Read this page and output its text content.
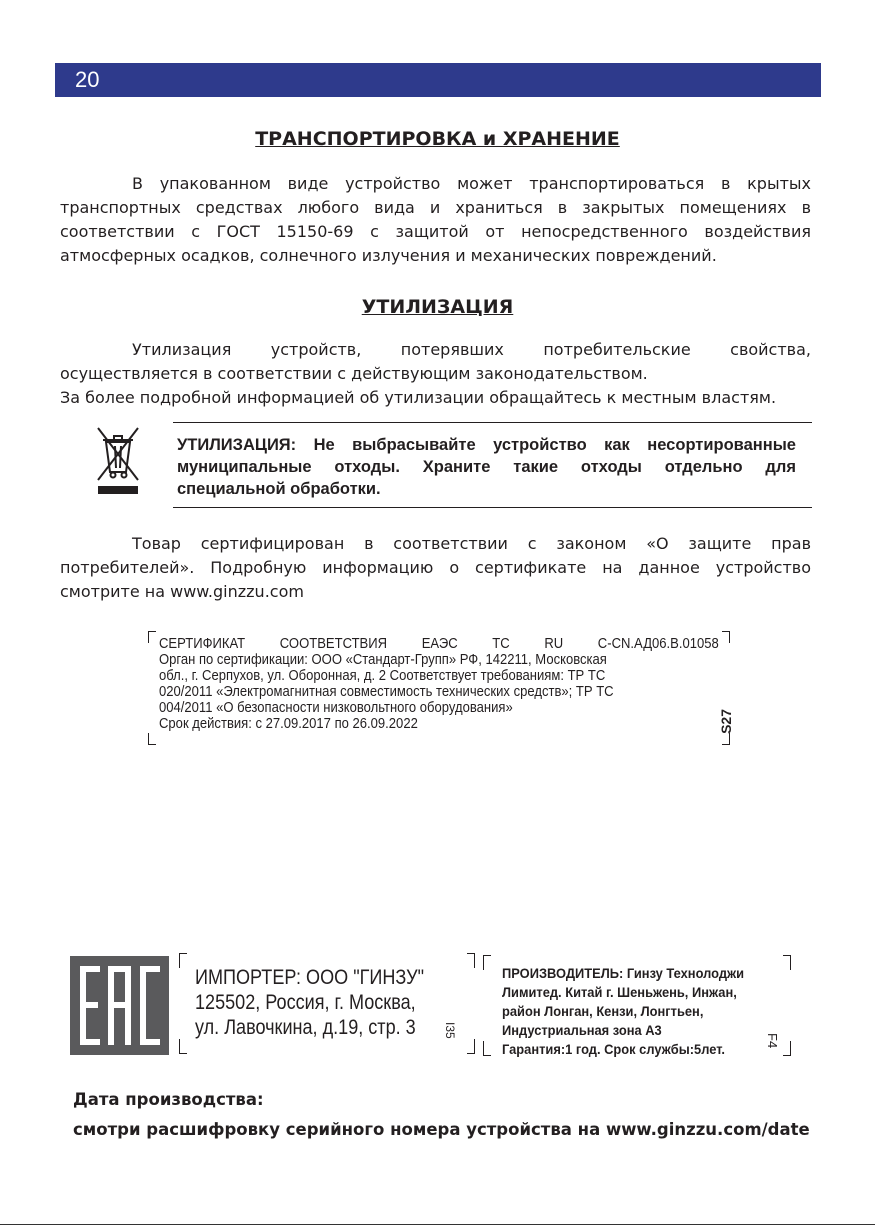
20
ТРАНСПОРТИРОВКА и ХРАНЕНИЕ

В упакованном виде устройство может транспортироваться в крытых транспортных средствах любого вида и храниться в закрытых помещениях в соответствии с ГОСТ 15150-69 с защитой от непосредственного воздействия атмосферных осадков, солнечного излучения и механических повреждений.

УТИЛИЗАЦИЯ

Утилизация устройств, потерявших потребительские свойства, осуществляется в соответствии с действующим законодательством.

За более подробной информацией об утилизации обращайтесь к местным властям.

УТИЛИЗАЦИЯ: Не выбрасывайте устройство как несортированные муниципальные отходы. Храните такие отходы отдельно для специальной обработки.

Товар сертифицирован в соответствии с законом «О защите прав потребителей». Подробную информацию о сертификате на данное устройство смотрите на www.ginzzu.com

СЕРТИФИКАТ СООТВЕТСТВИЯ ЕАЭС ТС RU С-CN.АД06.В.01058
Орган по сертификации: ООО «Стандарт-Групп» РФ, 142211, Московская
обл., г. Серпухов, ул. Оборонная, д. 2 Соответствует требованиям: ТР ТС
020/2011 «Электромагнитная совместимость технических средств»; ТР ТС
004/2011 «О безопасности низковольтного оборудования»
Срок действия: с 27.09.2017 по 26.09.2022	S27
ИМПОРТЕР: ООО "ГИНЗУ"
125502, Россия, г. Москва,
ул. Лавочкина, д.19, стр. 3	I35
ПРОИЗВОДИТЕЛЬ: Гинзу Технолоджи
Лимитед. Китай г. Шеньжень, Инжан,
район Лонган, Кензи, Лонгтьен,
Индустриальная зона А3
Гарантия:1 год. Срок службы:5лет.
F4
Дата производства:
смотри расшифровку серийного номера устройства на www.ginzzu.com/date
